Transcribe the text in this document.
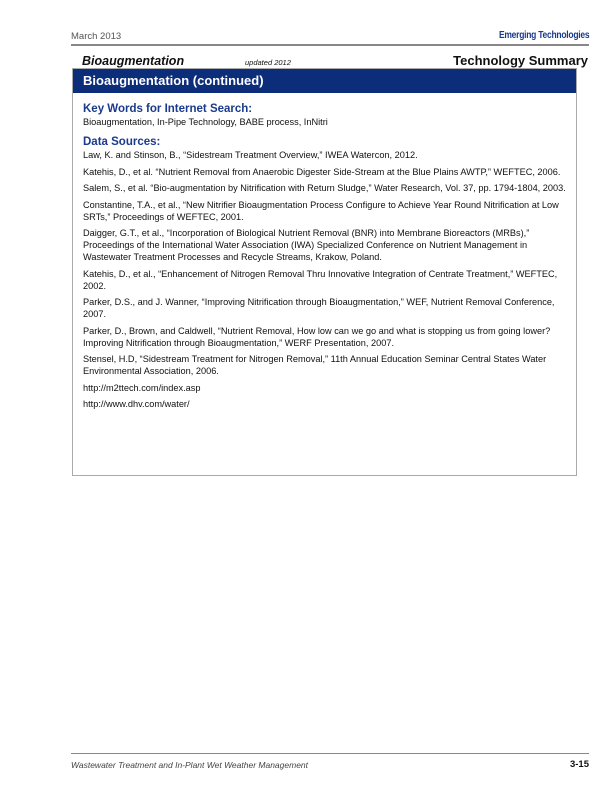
March 2013	Emerging Technologies
Bioaugmentation	updated 2012	Technology Summary
Bioaugmentation (continued)
Key Words for Internet Search:

Bioaugmentation, In-Pipe Technology, BABE process, InNitri

Data Sources:

Law, K. and Stinson, B., “Sidestream Treatment Overview,” IWEA Watercon, 2012.

Katehis, D., et al. “Nutrient Removal from Anaerobic Digester Side-Stream at the Blue Plains AWTP,” WEFTEC, 2006.

Salem, S., et al. “Bio-augmentation by Nitrification with Return Sludge,” Water Research, Vol. 37, pp. 1794-1804, 2003.

Constantine, T.A., et al., “New Nitrifier Bioaugmentation Process Configure to Achieve Year Round Nitrification at Low SRTs,” Proceedings of WEFTEC, 2001.

Daigger, G.T., et al., “Incorporation of Biological Nutrient Removal (BNR) into Membrane Bioreactors (MRBs),” Proceedings of the International Water Association (IWA) Specialized Conference on Nutrient Management in Wastewater Treatment Processes and Recycle Streams, Krakow, Poland.

Katehis, D., et al., “Enhancement of Nitrogen Removal Thru Innovative Integration of Centrate Treatment,” WEFTEC, 2002.

Parker, D.S., and J. Wanner, “Improving Nitrification through Bioaugmentation,” WEF, Nutrient Removal Conference, 2007.

Parker, D., Brown, and Caldwell, “Nutrient Removal, How low can we go and what is stopping us from going lower? Improving Nitrification through Bioaugmentation,” WERF Presentation, 2007.

Stensel, H.D, “Sidestream Treatment for Nitrogen Removal,” 11th Annual Education Seminar Central States Water Environmental Association, 2006.

http://m2ttech.com/index.asp

http://www.dhv.com/water/

Wastewater Treatment and In-Plant Wet Weather Management	3-15
